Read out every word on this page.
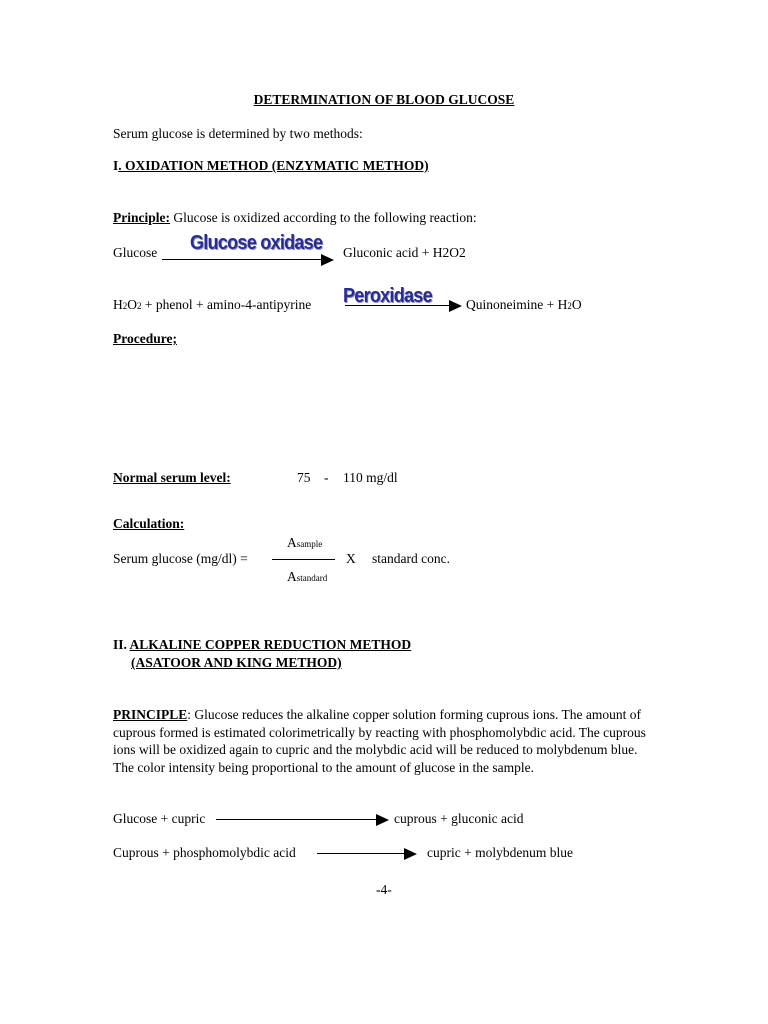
DETERMINATION OF BLOOD GLUCOSE
Serum glucose is determined by two methods:
I. OXIDATION METHOD (ENZYMATIC METHOD)
Principle: Glucose is oxidized according to the following reaction:
Glucose Glucose oxidase Gluconic acid + H2O2
H2O2 + phenol + amino-4-antipyrine Peroxidase	Quinoneimine + H2O
Procedure;
Normal serum level:	75 - 110 mg/dl
Calculation:
Asample
Serum glucose (mg/dl) =	X standard conc.
Astandard
II. ALKALINE COPPER REDUCTION METHOD
(ASATOOR AND KING METHOD)
PRINCIPLE: Glucose reduces the alkaline copper solution forming cuprous ions. The amount of cuprous formed is estimated colorimetrically by reacting with phosphomolybdic acid. The cuprous ions will be oxidized again to cupric and the molybdic acid will be reduced to molybdenum blue. The color intensity being proportional to the amount of glucose in the sample.
Glucose + cupric	cuprous + gluconic acid
Cuprous + phosphomolybdic acid	cupric + molybdenum blue
-4-
